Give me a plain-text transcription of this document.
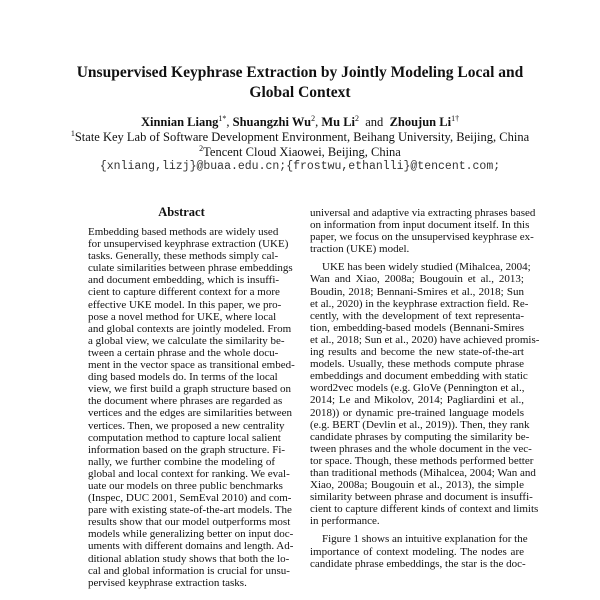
Unsupervised Keyphrase Extraction by Jointly Modeling Local and
Global Context
Xinnian Liang$^{1*}$, Shuangzhi Wu$^2$, Mu Li$^2$ and Zhoujun $Li^{1\dagger}$
$^1$State Key Lab of Software Development Environment, Beihang University, Beijing, China
$^2$Tencent Cloud Xiaowei, Beijing, China
{xnliang,lizj}@buaa.edu.cn;{frostwu,ethanlli}@tencent.com;
Abstract
Embedding based methods are widely used
for unsupervised keyphrase extraction (UKE)
tasks. Generally, these methods simply cal-
culate similarities between phrase embeddings
and document embedding, which is insuffi-
cient to capture different context for a more
effective UKE model. In this paper, we pro-
pose a novel method for UKE, where local
and global contexts are jointly modeled. From
a global view, we calculate the similarity be-
tween a certain phrase and the whole docu-
ment in the vector space as transitional embed-
ding based models do. In terms of the local
view, we first build a graph structure based on
the document where phrases are regarded as
vertices and the edges are similarities between
vertices. Then, we proposed a new centrality
computation method to capture local salient
information based on the graph structure. Fi-
nally, we further combine the modeling of
global and local context for ranking. We eval-
uate our models on three public benchmarks
(Inspec, DUC 2001, SemEval 2010) and com-
pare with existing state-of-the-art models. The
results show that our model outperforms most
models while generalizing better on input doc-
uments with different domains and length. Ad-
ditional ablation study shows that both the lo-
cal and global information is crucial for unsu-
pervised keyphrase extraction tasks.
universal and adaptive via extracting phrases based
on information from input document itself. In this
paper, we focus on the unsupervised keyphrase ex-
traction (UKE) model.
UKE has been widely studied (Mihalcea, 2004;
Wan and Xiao, 2008a; Bougouin et al., 2013;
Boudin, 2018; Bennani-Smires et al., 2018; Sun
et al., 2020) in the keyphrase extraction field. Re-
cently, with the development of text representa-
tion, embedding-based models (Bennani-Smires
et al., 2018; Sun et al., 2020) have achieved promis-
ing results and become the new state-of-the-art
models. Usually, these methods compute phrase
embeddings and document embedding with static
word2vec models (e.g. GloVe (Pennington et al.,
2014; Le and Mikolov, 2014; Pagliardini et al.,
2018)) or dynamic pre-trained language models
(e.g. BERT (Devlin et al., 2019)). Then, they rank
candidate phrases by computing the similarity be-
tween phrases and the whole document in the vec-
tor space. Though, these methods performed better
than traditional methods (Mihalcea, 2004; Wan and
Xiao, 2008a; Bougouin et al., 2013), the simple
similarity between phrase and document is insuffi-
cient to capture different kinds of context and limits
in performance.
Figure 1 shows an intuitive explanation for the
importance of context modeling. The nodes are
candidate phrase embeddings, the star is the doc-
